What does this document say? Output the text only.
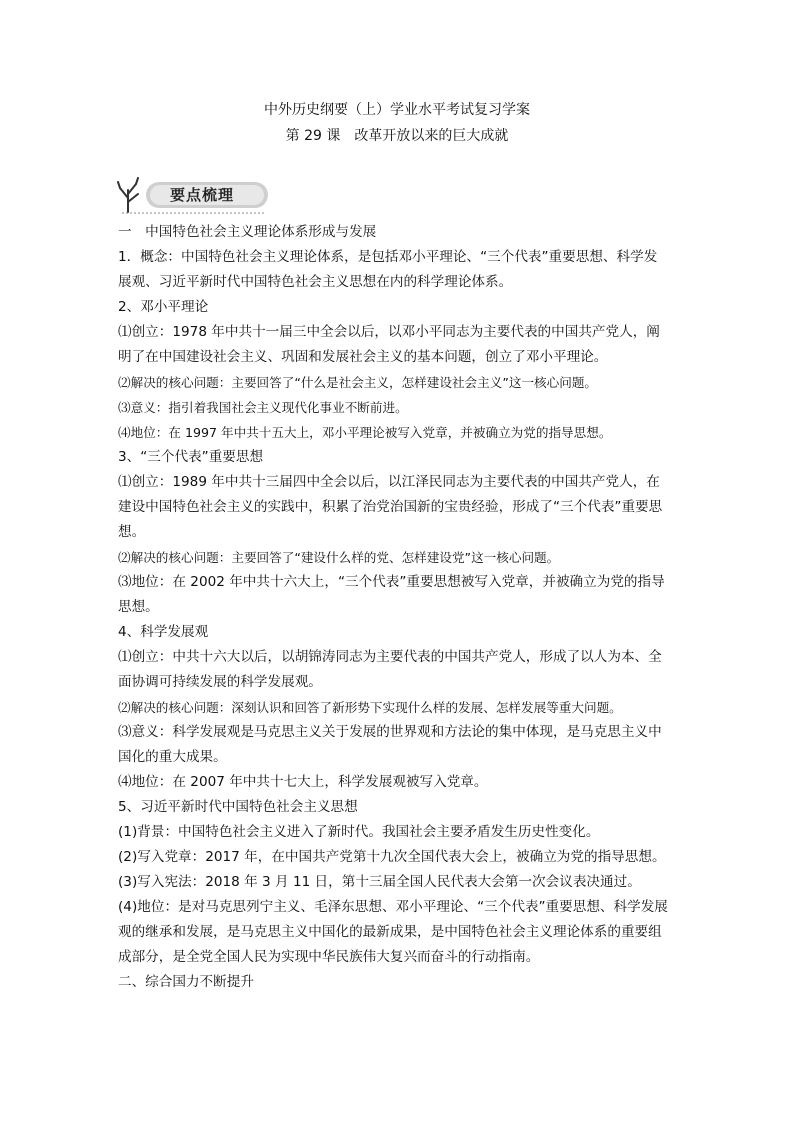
中外历史纲要（上）学业水平考试复习学案
第 29 课　改革开放以来的巨大成就
要点梳理

一　中国特色社会主义理论体系形成与发展

1．概念：中国特色社会主义理论体系，是包括邓小平理论、“三个代表”重要思想、科学发

展观、习近平新时代中国特色社会主义思想在内的科学理论体系。

2、邓小平理论

⑴创立：1978 年中共十一届三中全会以后，以邓小平同志为主要代表的中国共产党人，阐

明了在中国建设社会主义、巩固和发展社会主义的基本问题，创立了邓小平理论。

⑵解决的核心问题：主要回答了“什么是社会主义，怎样建设社会主义”这一核心问题。

⑶意义：指引着我国社会主义现代化事业不断前进。

⑷地位：在 1997 年中共十五大上，邓小平理论被写入党章，并被确立为党的指导思想。

3、“三个代表”重要思想

⑴创立：1989 年中共十三届四中全会以后，以江泽民同志为主要代表的中国共产党人，在

建设中国特色社会主义的实践中，积累了治党治国新的宝贵经验，形成了“三个代表”重要思

想。

⑵解决的核心问题：主要回答了“建设什么样的党、怎样建设党”这一核心问题。

⑶地位：在 2002 年中共十六大上，“三个代表”重要思想被写入党章，并被确立为党的指导

思想。

4、科学发展观

⑴创立：中共十六大以后，以胡锦涛同志为主要代表的中国共产党人，形成了以人为本、全

面协调可持续发展的科学发展观。

⑵解决的核心问题：深刻认识和回答了新形势下实现什么样的发展、怎样发展等重大问题。

⑶意义：科学发展观是马克思主义关于发展的世界观和方法论的集中体现，是马克思主义中

国化的重大成果。

⑷地位：在 2007 年中共十七大上，科学发展观被写入党章。

5、习近平新时代中国特色社会主义思想

(1)背景：中国特色社会主义进入了新时代。我国社会主要矛盾发生历史性变化。

(2)写入党章：2017 年，在中国共产党第十九次全国代表大会上，被确立为党的指导思想。

(3)写入宪法：2018 年 3 月 11 日，第十三届全国人民代表大会第一次会议表决通过。

(4)地位：是对马克思列宁主义、毛泽东思想、邓小平理论、“三个代表”重要思想、科学发展

观的继承和发展，是马克思主义中国化的最新成果，是中国特色社会主义理论体系的重要组

成部分，是全党全国人民为实现中华民族伟大复兴而奋斗的行动指南。

二、综合国力不断提升
